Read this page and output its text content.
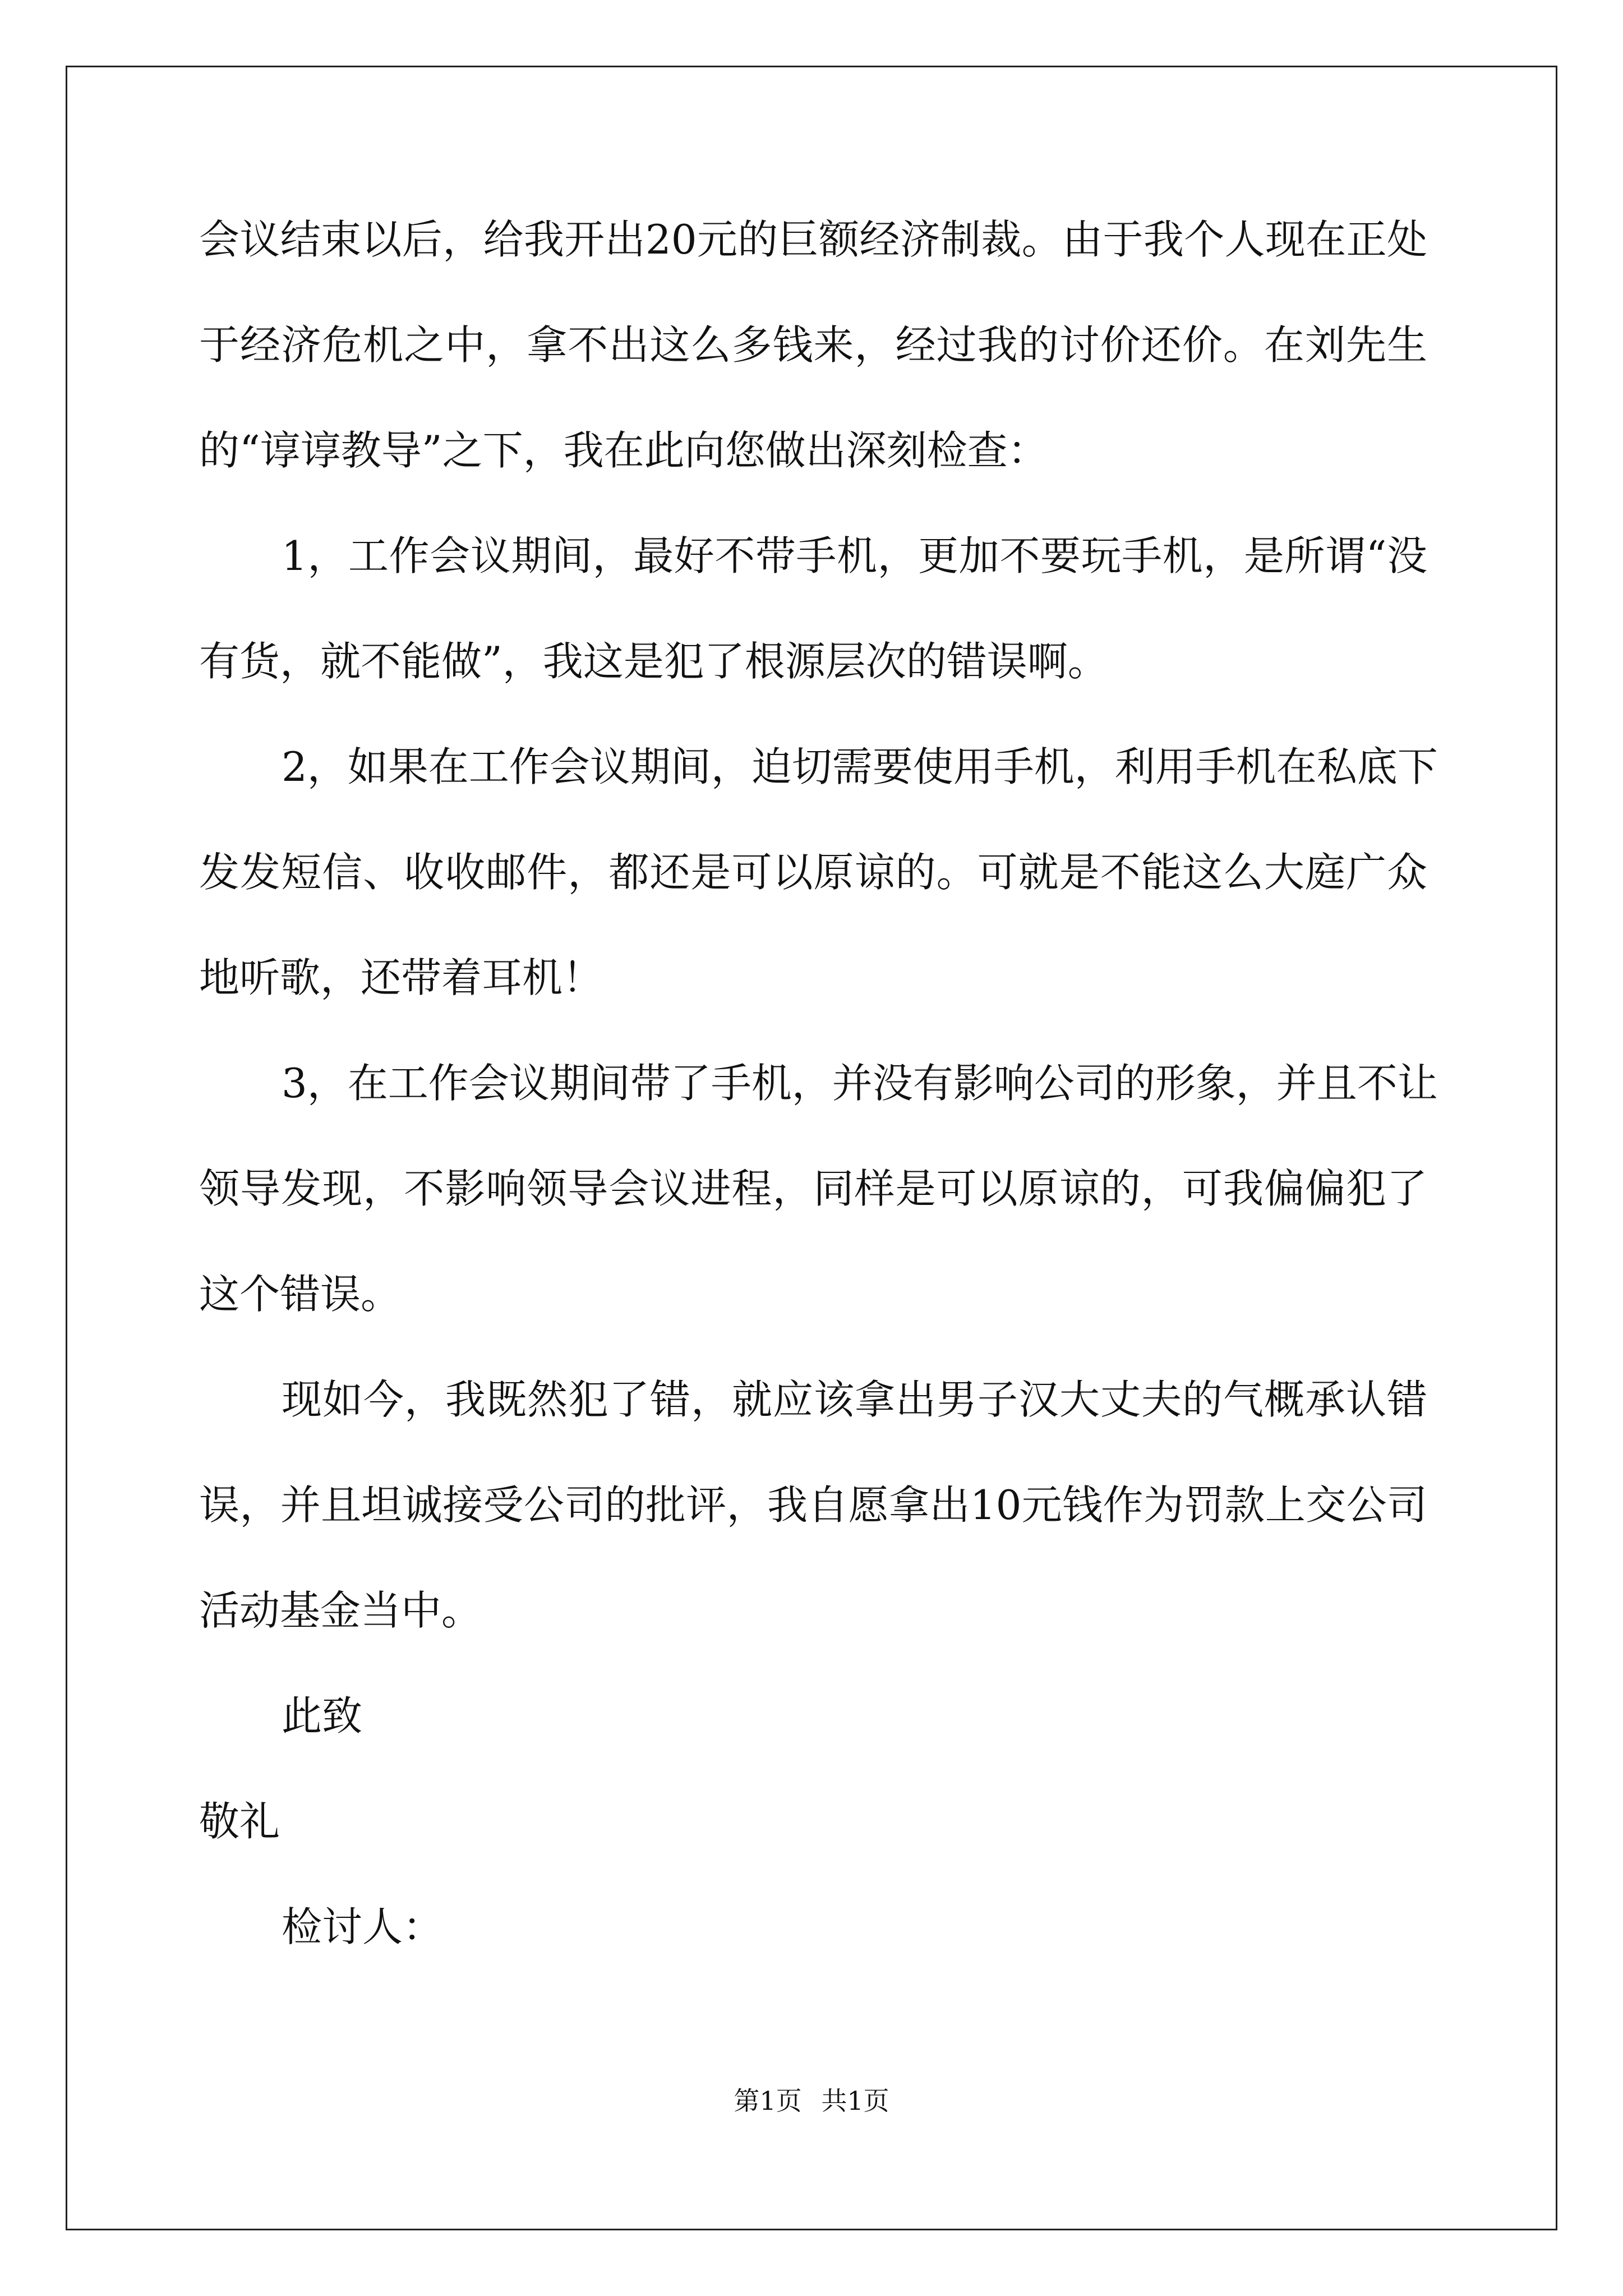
会议结束以后，给我开出20元的巨额经济制裁。由于我个人现在正处
于经济危机之中，拿不出这么多钱来，经过我的讨价还价。在刘先生
的“谆谆教导”之下，我在此向您做出深刻检查：
1，工作会议期间，最好不带手机，更加不要玩手机，是所谓“没
有货，就不能做”，我这是犯了根源层次的错误啊。
2，如果在工作会议期间，迫切需要使用手机，利用手机在私底下
发发短信、收收邮件，都还是可以原谅的。可就是不能这么大庭广众
地听歌，还带着耳机！
3，在工作会议期间带了手机，并没有影响公司的形象，并且不让
领导发现，不影响领导会议进程，同样是可以原谅的，可我偏偏犯了
这个错误。
现如今，我既然犯了错，就应该拿出男子汉大丈夫的气概承认错
误，并且坦诚接受公司的批评，我自愿拿出10元钱作为罚款上交公司
活动基金当中。
此致
敬礼
检讨人：
第1页 共1页
